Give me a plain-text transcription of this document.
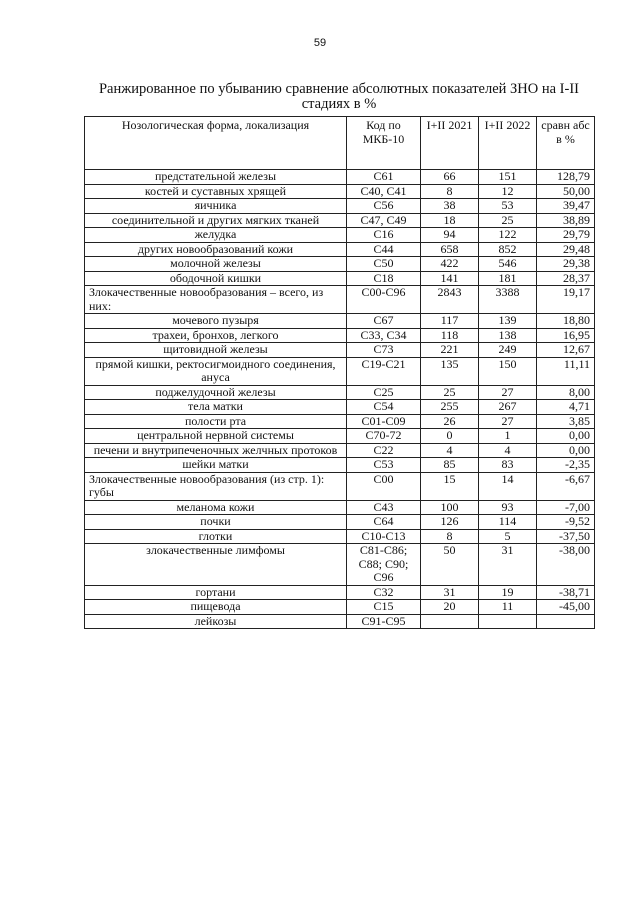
59
Ранжированное по убыванию сравнение абсолютных показателей ЗНО на I-II стадиях в %
Нозологическая форма, локализация	Код по МКБ-10	I+II 2021	I+II 2022	сравн абс в %
предстательной железы	C61	66	151	128,79
костей и суставных хрящей	C40, C41	8	12	50,00
яичника	C56	38	53	39,47
соединительной и других мягких тканей	C47, C49	18	25	38,89
желудка	C16	94	122	29,79
других новообразований кожи	C44	658	852	29,48
молочной железы	C50	422	546	29,38
ободочной кишки	C18	141	181	28,37
Злокачественные новообразования – всего, из них:	C00-C96	2843	3388	19,17
мочевого пузыря	C67	117	139	18,80
трахеи, бронхов, легкого	C33, C34	118	138	16,95
щитовидной железы	C73	221	249	12,67
прямой кишки, ректосигмоидного соединения, ануса	C19-C21	135	150	11,11
поджелудочной железы	C25	25	27	8,00
тела матки	C54	255	267	4,71
полости рта	C01-C09	26	27	3,85
центральной нервной системы	C70-72	0	1	0,00
печени и внутрипеченочных желчных протоков	C22	4	4	0,00
шейки матки	C53	85	83	-2,35
Злокачественные новообразования (из стр. 1): губы	C00	15	14	-6,67
меланома кожи	C43	100	93	-7,00
почки	C64	126	114	-9,52
глотки	C10-C13	8	5	-37,50
злокачественные лимфомы	C81-C86; C88; C90; C96	50	31	-38,00
гортани	C32	31	19	-38,71
пищевода	C15	20	11	-45,00
лейкозы	C91-C95			
